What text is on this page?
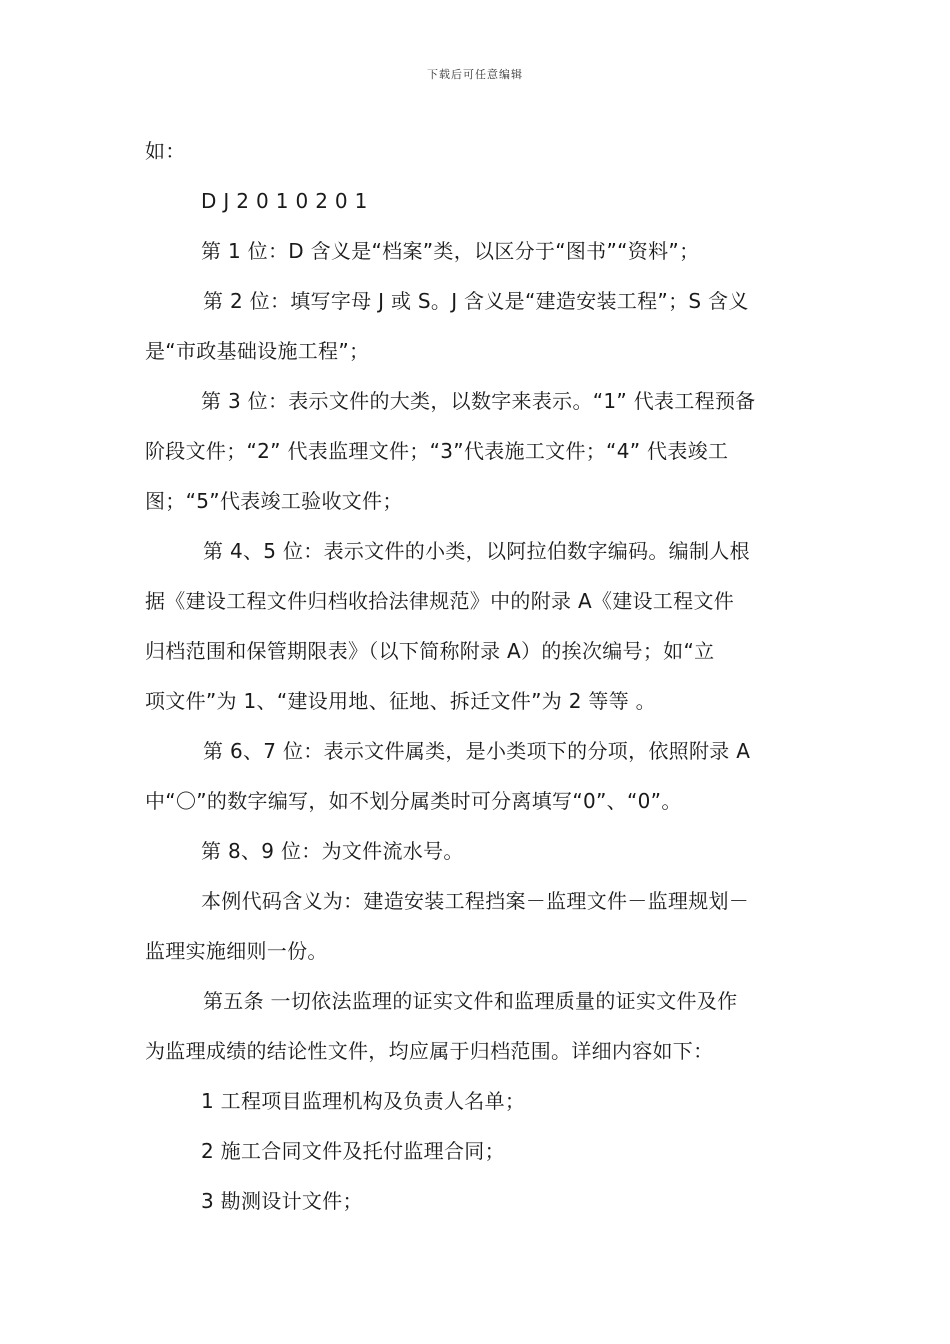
下载后可任意编辑
如：
DJ2010201
第 1 位：D 含义是“档案”类，以区分于“图书”“资料”；
第 2 位：填写字母 J 或 S。J 含义是“建造安装工程”；S 含义
是“市政基础设施工程”；
第 3 位：表示文件的大类，以数字来表示。“1” 代表工程预备
阶段文件；“2” 代表监理文件；“3”代表施工文件；“4” 代表竣工
图；“5”代表竣工验收文件；
第 4、5 位：表示文件的小类，以阿拉伯数字编码。编制人根
据《建设工程文件归档收拾法律规范》中的附录 A《建设工程文件
归档范围和保管期限表》（以下简称附录 A）的挨次编号；如“立
项文件”为 1、“建设用地、征地、拆迁文件”为 2 等等 。
第 6、7 位：表示文件属类，是小类项下的分项，依照附录 A
中“〇”的数字编写，如不划分属类时可分离填写“0”、“0”。
第 8、9 位：为文件流水号。
本例代码含义为：建造安装工程挡案－监理文件－监理规划－
监理实施细则一份。
第五条 一切依法监理的证实文件和监理质量的证实文件及作
为监理成绩的结论性文件，均应属于归档范围。详细内容如下：
1 工程项目监理机构及负责人名单；
2 施工合同文件及托付监理合同；
3 勘测设计文件；
